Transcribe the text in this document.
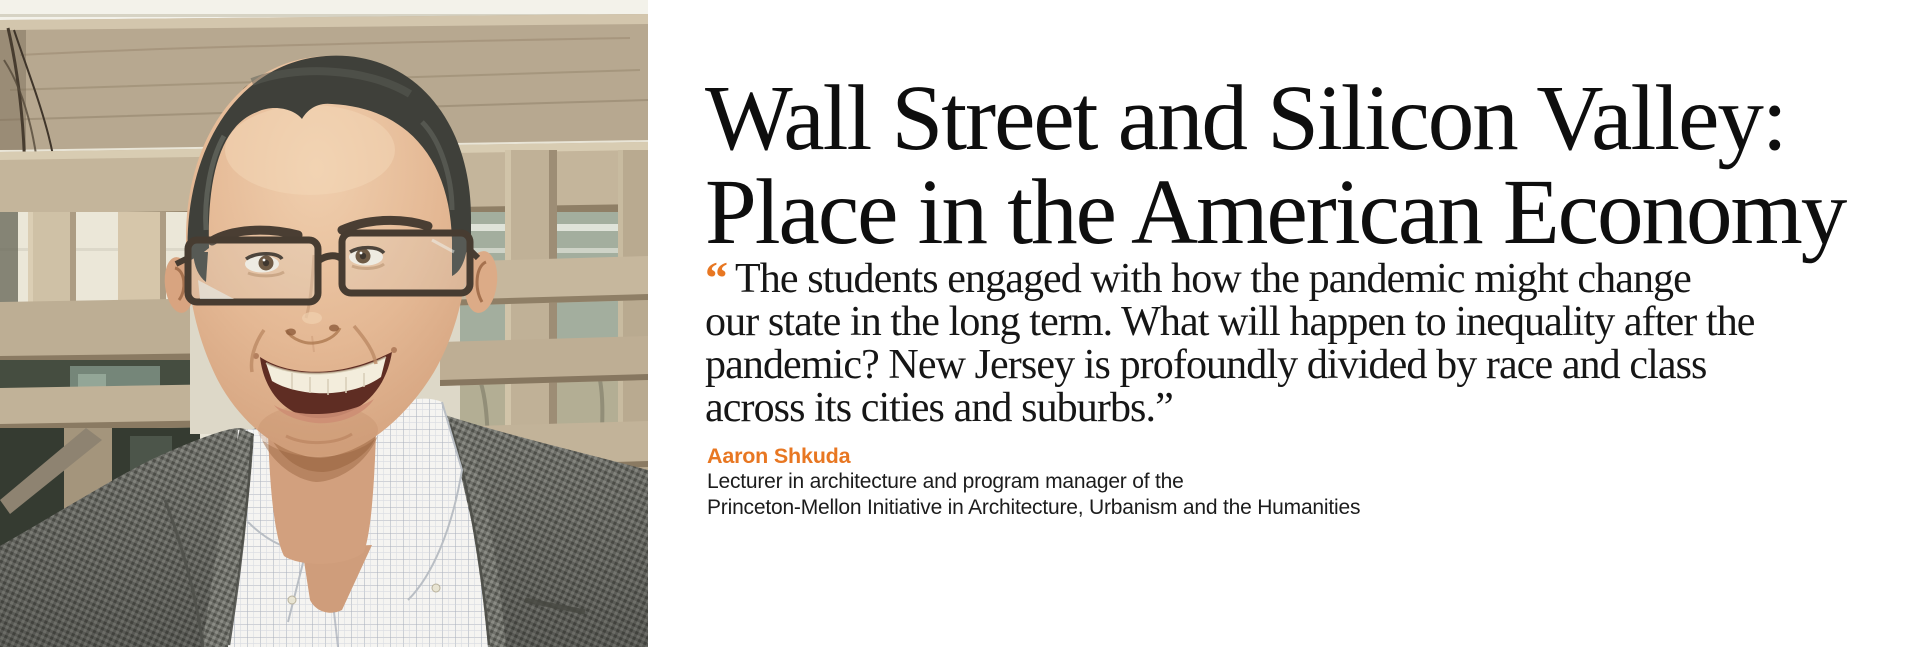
Wall Street and Silicon Valley:
Place in the American Economy
“ The students engaged with how the pandemic might change
our state in the long term. What will happen to inequality after the
pandemic? New Jersey is profoundly divided by race and class
across its cities and suburbs.”
Aaron Shkuda
Lecturer in architecture and program manager of the
Princeton-Mellon Initiative in Architecture, Urbanism and the Humanities
